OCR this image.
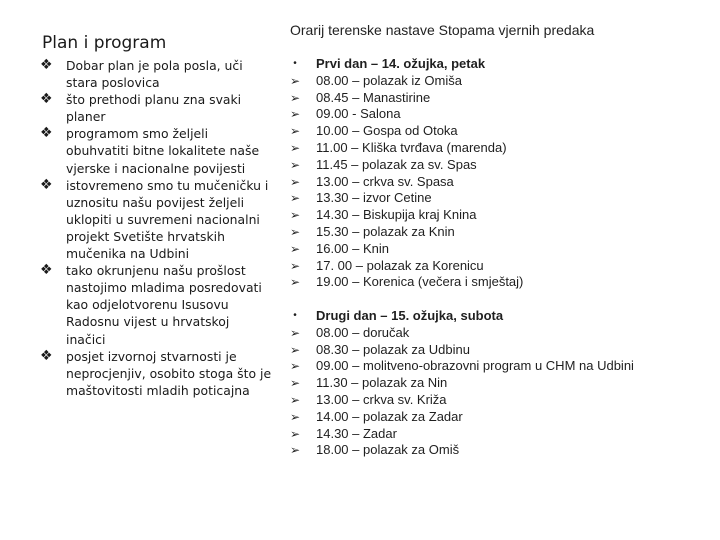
Plan i program
❖ Dobar plan je pola posla, uči stara poslovica
❖ što prethodi planu zna svaki planer
❖ programom smo željeli obuhvatiti bitne lokalitete naše vjerske i nacionalne povijesti
❖ istovremeno smo tu mučeničku i uznositu našu povijest željeli uklopiti u suvremeni nacionalni projekt Svetište hrvatskih mučenika na Udbini
❖ tako okrunjenu našu prošlost nastojimo mladima posredovati kao odjelotvorenu Isusovu Radosnu vijest u hrvatskoj inačici
❖ posjet izvornoj stvarnosti je neprocjenjiv, osobito stoga što je maštovitosti mladih poticajna
Orarij terenske nastave Stopama vjernih predaka
•	Prvi dan – 14. ožujka, petak
➢ 08.00 – polazak iz Omiša
➢ 08.45 – Manastirine
➢ 09.00 - Salona
➢ 10.00 – Gospa od Otoka
➢ 11.00 – Kliška tvrđava (marenda)
➢ 11.45 – polazak za sv. Spas
➢ 13.00 – crkva sv. Spasa
➢ 13.30 – izvor Cetine
➢ 14.30 – Biskupija kraj Knina
➢ 15.30 – polazak za Knin
➢ 16.00 – Knin
➢ 17. 00 – polazak za Korenicu
➢ 19.00 – Korenica (večera i smještaj)
•	Drugi dan – 15. ožujka, subota
➢ 08.00 – doručak
➢ 08.30 – polazak za Udbinu
➢ 09.00 – molitveno-obrazovni program u CHM na Udbini
➢ 11.30 – polazak za Nin
➢ 13.00 – crkva sv. Križa
➢ 14.00 – polazak za Zadar
➢ 14.30 – Zadar
➢ 18.00 – polazak za Omiš
